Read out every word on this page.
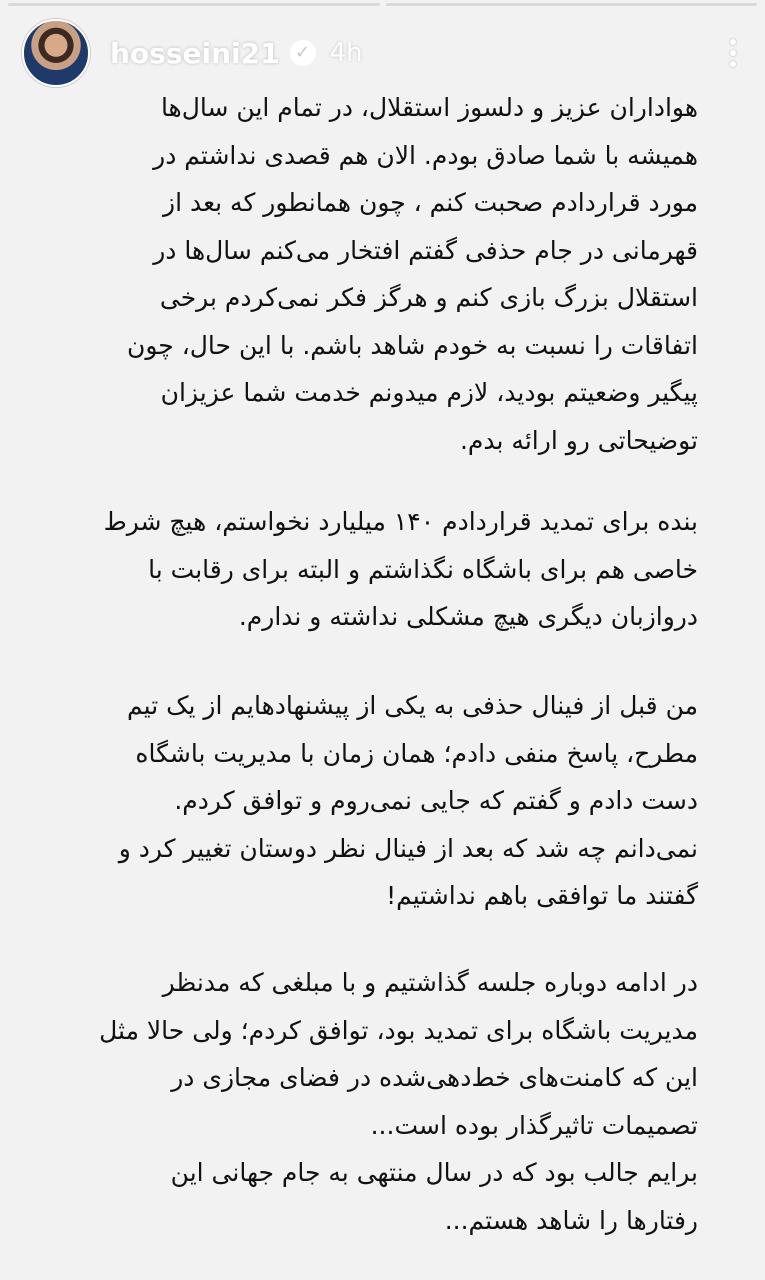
hosseini21 ✓ 4h

هواداران عزیز و دلسوز استقلال، در تمام این سال‌ها
همیشه با شما صادق بودم. الان هم قصدی نداشتم در
مورد قراردادم صحبت کنم ، چون همانطور که بعد از
قهرمانی در جام حذفی گفتم افتخار می‌کنم سال‌ها در
استقلال بزرگ بازی کنم و هرگز فکر نمی‌کردم برخی
اتفاقات را نسبت به خودم شاهد باشم. با این حال، چون
پیگیر وضعیتم بودید، لازم میدونم خدمت شما عزیزان
توضیحاتی رو ارائه بدم.

بنده برای تمدید قراردادم ۱۴۰ میلیارد نخواستم، هیچ شرط
خاصی هم برای باشگاه نگذاشتم و البته برای رقابت با
دروازبان دیگری هیچ مشکلی نداشته و ندارم.

من قبل از فینال حذفی به یکی از پیشنهادهایم از یک تیم
مطرح، پاسخ منفی دادم؛ همان زمان با مدیریت باشگاه
دست دادم و گفتم که جایی نمی‌روم و توافق کردم.
نمی‌دانم چه شد که بعد از فینال نظر دوستان تغییر کرد و
گفتند ما توافقی باهم نداشتیم!

در ادامه دوباره جلسه گذاشتیم و با مبلغی که مدنظر
مدیریت باشگاه برای تمدید بود، توافق کردم؛ ولی حالا مثل
این که کامنت‌های خط‌دهی‌شده در فضای مجازی در
تصمیمات تاثیرگذار بوده است...
برایم جالب بود که در سال منتهی به جام جهانی این
رفتارها را شاهد هستم...
